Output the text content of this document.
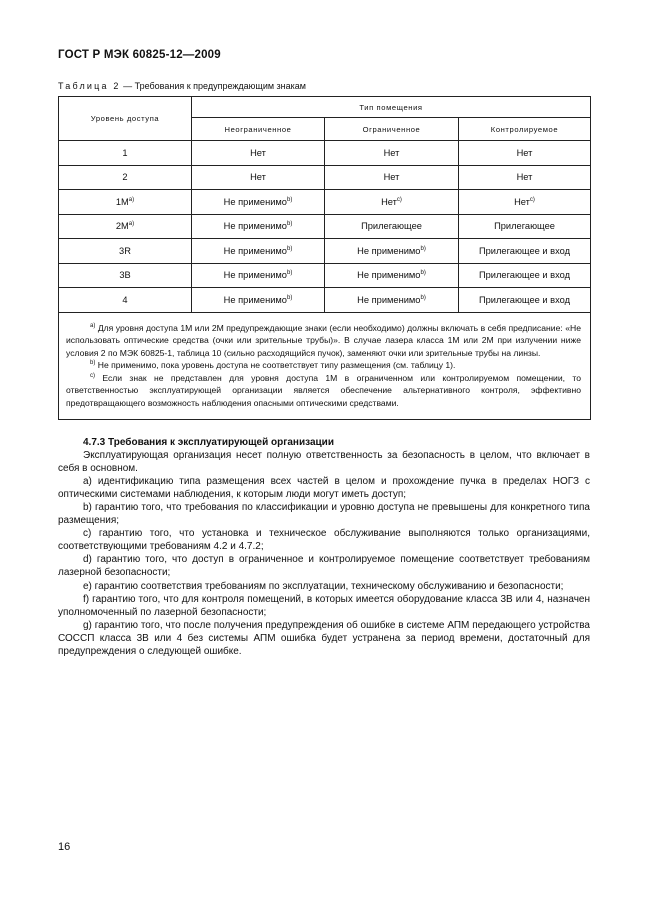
ГОСТ Р МЭК 60825-12—2009
Таблица 2 — Требования к предупреждающим знакам
Уровень доступа	Тип помещения		
	Неограниченное	Ограниченное	Контролируемое
1	Нет	Нет	Нет
2	Нет	Нет	Нет
$1M^{a)}$	Не применимо$^{b)}$	Нет$^{c)}$	Нет$^{c)}$
$2M^{a)}$	Не применимо$^{b)}$	Прилегающее	Прилегающее
3R	Не применимо$^{b)}$	Не применимо$^{b)}$	Прилегающее и вход
3B	Не применимо$^{b)}$	Не применимо$^{b)}$	Прилегающее и вход
4	Не применимо$^{b)}$	Не применимо$^{b)}$	Прилегающее и вход

$^{a)}$ Для уровня доступа 1M или 2M предупреждающие знаки (если необходимо) должны включать в себя предписание: «Не использовать оптические средства (очки или зрительные трубы)». В случае лазера класса 1M или 2M при излучении ниже условия 2 по МЭК 60825-1, таблица 10 (сильно расходящийся пучок), заменяют очки или зрительные трубы на линзы.

$^{b)}$ Не применимо, пока уровень доступа не соответствует типу размещения (см. таблицу 1).

$^{c)}$ Если знак не представлен для уровня доступа 1M в ограниченном или контролируемом помещении, то ответственностью эксплуатирующей организации является обеспечение альтернативного контроля, эффективно предотвращающего возможность наблюдения опасными оптическими средствами.			

4.7.3 Требования к эксплуатирующей организации

Эксплуатирующая организация несет полную ответственность за безопасность в целом, что включает в себя в основном.

а) идентификацию типа размещения всех частей в целом и прохождение пучка в пределах НОГЗ с оптическими системами наблюдения, к которым люди могут иметь доступ;

b) гарантию того, что требования по классификации и уровню доступа не превышены для конкретного типа размещения;

c) гарантию того, что установка и техническое обслуживание выполняются только организациями, соответствующими требованиям 4.2 и 4.7.2;

d) гарантию того, что доступ в ограниченное и контролируемое помещение соответствует требованиям лазерной безопасности;

e) гарантию соответствия требованиям по эксплуатации, техническому обслуживанию и безопасности;

f) гарантию того, что для контроля помещений, в которых имеется оборудование класса 3В или 4, назначен уполномоченный по лазерной безопасности;

g) гарантию того, что после получения предупреждения об ошибке в системе АПМ передающего устройства СОССП класса 3В или 4 без системы АПМ ошибка будет устранена за период времени, достаточный для предупреждения о следующей ошибке.

16
